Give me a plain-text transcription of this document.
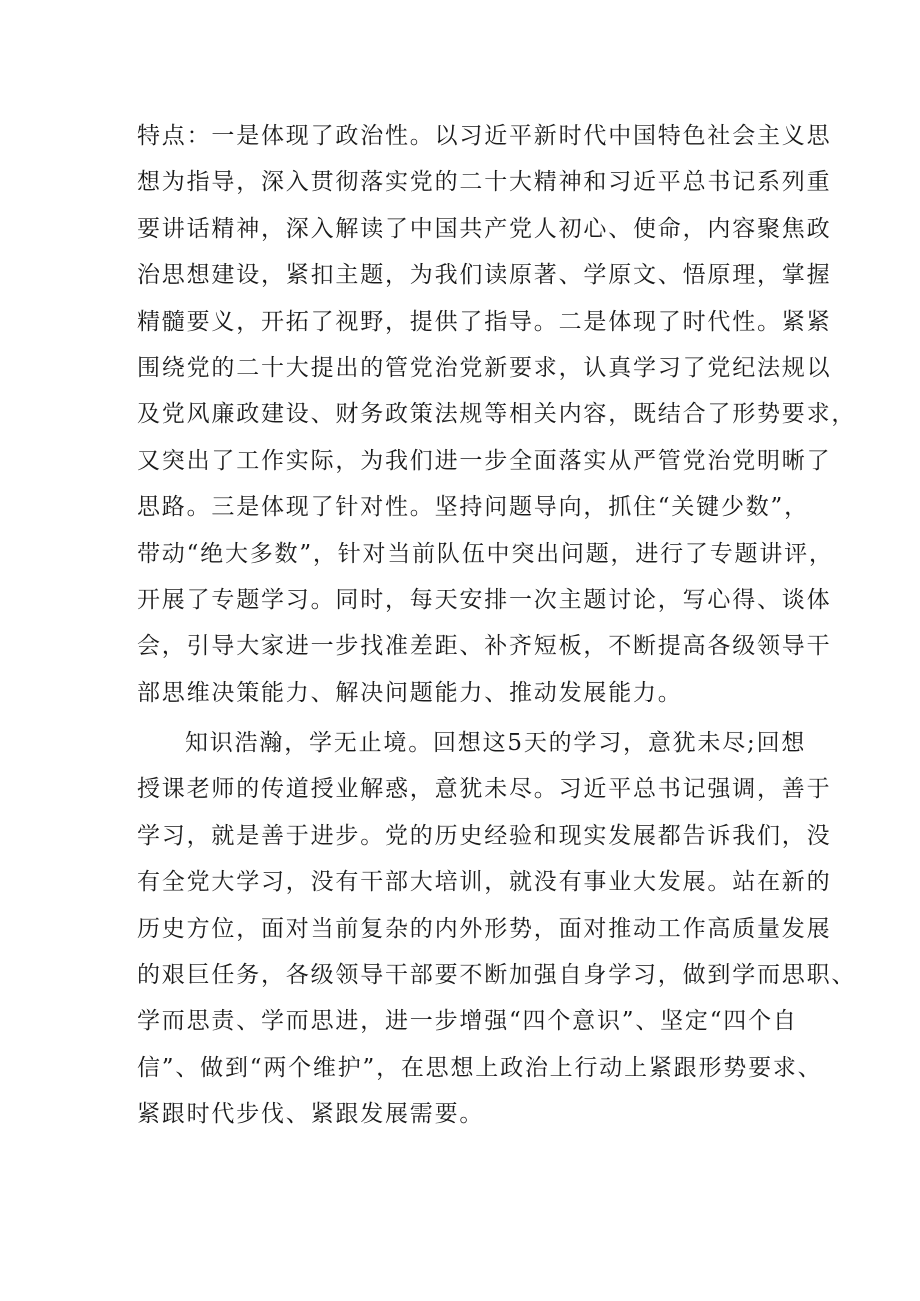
特点：一是体现了政治性。以习近平新时代中国特色社会主义思
想为指导，深入贯彻落实党的二十大精神和习近平总书记系列重
要讲话精神，深入解读了中国共产党人初心、使命，内容聚焦政
治思想建设，紧扣主题，为我们读原著、学原文、悟原理，掌握
精髓要义，开拓了视野，提供了指导。二是体现了时代性。紧紧
围绕党的二十大提出的管党治党新要求，认真学习了党纪法规以
及党风廉政建设、财务政策法规等相关内容，既结合了形势要求，
又突出了工作实际，为我们进一步全面落实从严管党治党明晰了
思路。三是体现了针对性。坚持问题导向，抓住“关键少数”，
带动“绝大多数”，针对当前队伍中突出问题，进行了专题讲评，
开展了专题学习。同时，每天安排一次主题讨论，写心得、谈体
会，引导大家进一步找准差距、补齐短板，不断提高各级领导干
部思维决策能力、解决问题能力、推动发展能力。
知识浩瀚，学无止境。回想这5天的学习，意犹未尽;回想
授课老师的传道授业解惑，意犹未尽。习近平总书记强调，善于
学习，就是善于进步。党的历史经验和现实发展都告诉我们，没
有全党大学习，没有干部大培训，就没有事业大发展。站在新的
历史方位，面对当前复杂的内外形势，面对推动工作高质量发展
的艰巨任务，各级领导干部要不断加强自身学习，做到学而思职、
学而思责、学而思进，进一步增强“四个意识”、坚定“四个自
信”、做到“两个维护”，在思想上政治上行动上紧跟形势要求、
紧跟时代步伐、紧跟发展需要。
